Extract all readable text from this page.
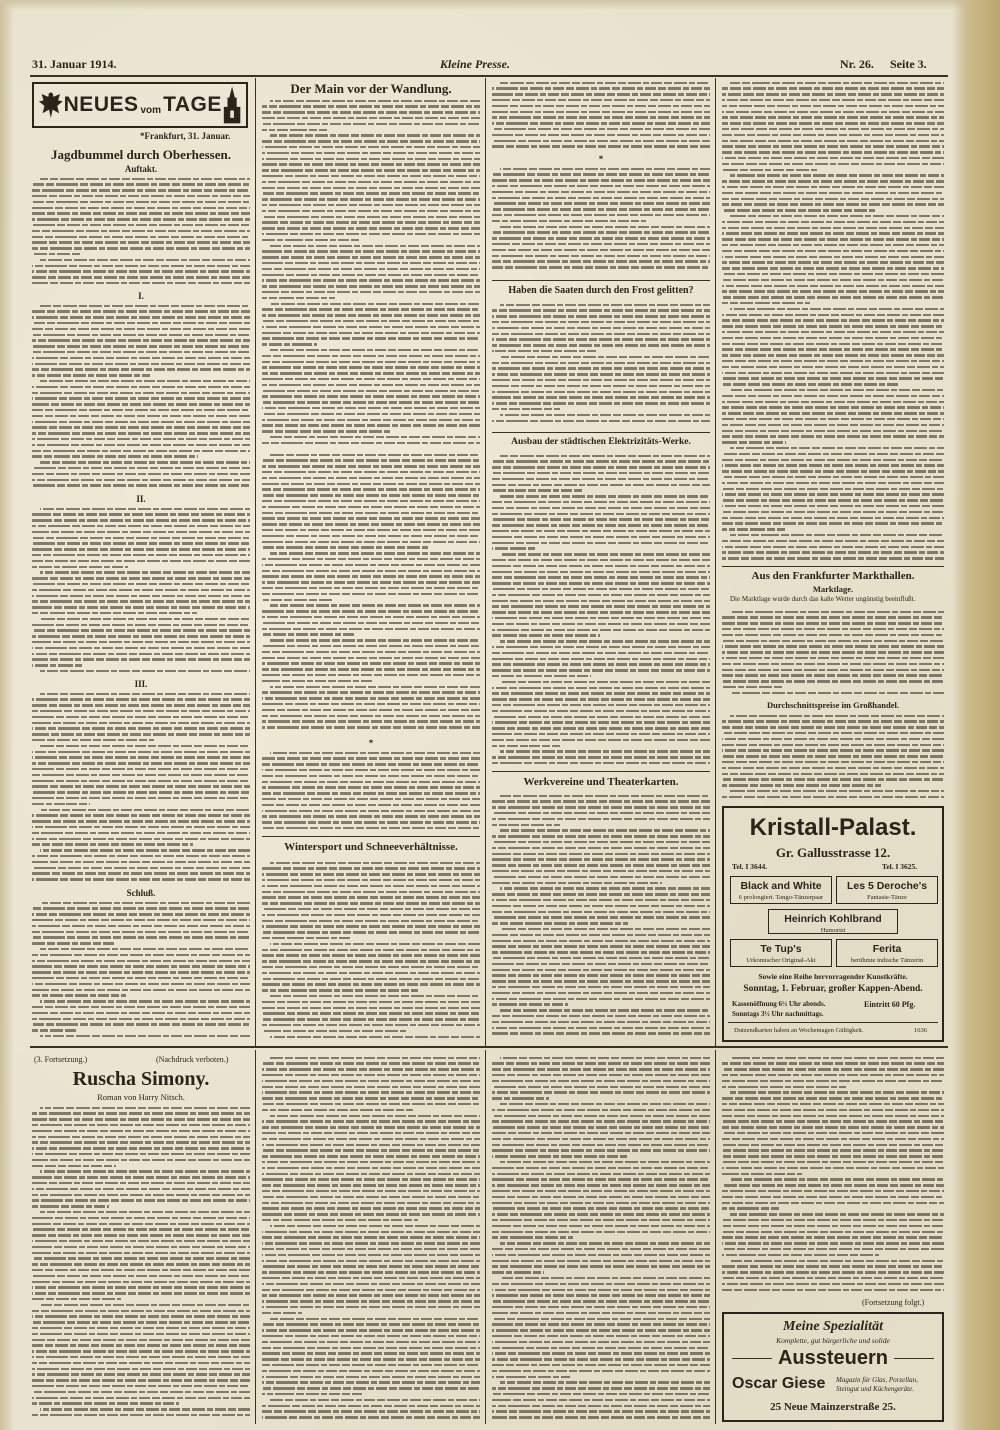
31. Januar 1914.	Kleine Presse.	Nr. 26. Seite 3.
NEUES vom TAGE
*Frankfurt, 31. Januar.
Jagdbummel durch Oberhessen.
Auftakt.
I.
II.
III.
Schluß.
Der Main vor der Wandlung.
*
Wintersport und Schneeverhältnisse.
*
Haben die Saaten durch den Frost gelitten?
Ausbau der städtischen Elektrizitäts-Werke.
Werkvereine und Theaterkarten.
Aus den Frankfurter Markthallen.
Marktlage.
Die Marktlage wurde durch das kalte Wetter ungünstig beeinflußt.
Durchschnittspreise im Großhandel.
Kristall-Palast.
Gr. Gallusstrasse 12.
Tel. I 3644.	Tel. I 3625.
Black and White
6 prolongiert. Tango-Tänzerpaar
Les 5 Deroche's
Fantasie-Tänze
Heinrich Kohlbrand
Humorist
Te Tup's
Urkomischer Original-Akt
Ferita
berühmte indische Tänzerin
Sowie eine Reihe hervorragender Kunstkräfte.
Sonntag, 1. Februar, großer Kappen-Abend.
Kassenöffnung 6½ Uhr abends.	Eintritt 60 Pfg.
Sonntags 3½ Uhr nachmittags.
Dutzendkarten haben an Wochentagen Gültigkeit.	1636
(3. Fortsetzung.)	(Nachdruck verboten.)
Ruscha Simony.
Roman von Harry Nitsch.
(Fortsetzung folgt.)
Meine Spezialität
Komplette, gut bürgerliche und solide
Aussteuern
Oscar Giese Magazin für Glas, Porzellan,
Steingut und Küchengeräte.
25 Neue Mainzerstraße 25.
